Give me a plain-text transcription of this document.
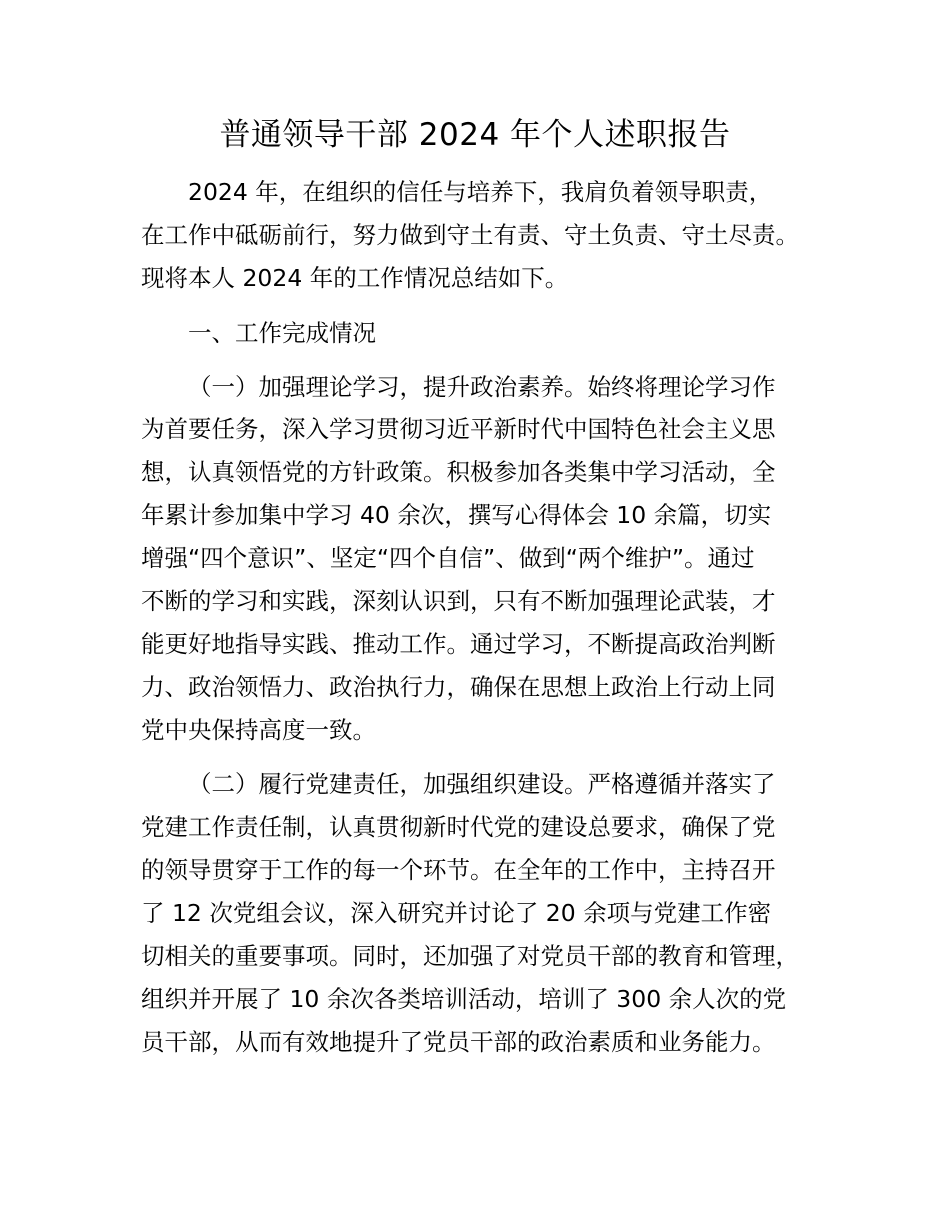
普通领导干部 2024 年个人述职报告

2024 年，在组织的信任与培养下，我肩负着领导职责，

在工作中砥砺前行，努力做到守土有责、守土负责、守土尽责。

现将本人 2024 年的工作情况总结如下。

一、工作完成情况

（一）加强理论学习，提升政治素养。始终将理论学习作

为首要任务，深入学习贯彻习近平新时代中国特色社会主义思

想，认真领悟党的方针政策。积极参加各类集中学习活动，全

年累计参加集中学习 40 余次，撰写心得体会 10 余篇，切实

增强“四个意识”、坚定“四个自信”、做到“两个维护”。通过

不断的学习和实践，深刻认识到，只有不断加强理论武装，才

能更好地指导实践、推动工作。通过学习，不断提高政治判断

力、政治领悟力、政治执行力，确保在思想上政治上行动上同

党中央保持高度一致。

（二）履行党建责任，加强组织建设。严格遵循并落实了

党建工作责任制，认真贯彻新时代党的建设总要求，确保了党

的领导贯穿于工作的每一个环节。在全年的工作中，主持召开

了 12 次党组会议，深入研究并讨论了 20 余项与党建工作密

切相关的重要事项。同时，还加强了对党员干部的教育和管理，

组织并开展了 10 余次各类培训活动，培训了 300 余人次的党

员干部，从而有效地提升了党员干部的政治素质和业务能力。
